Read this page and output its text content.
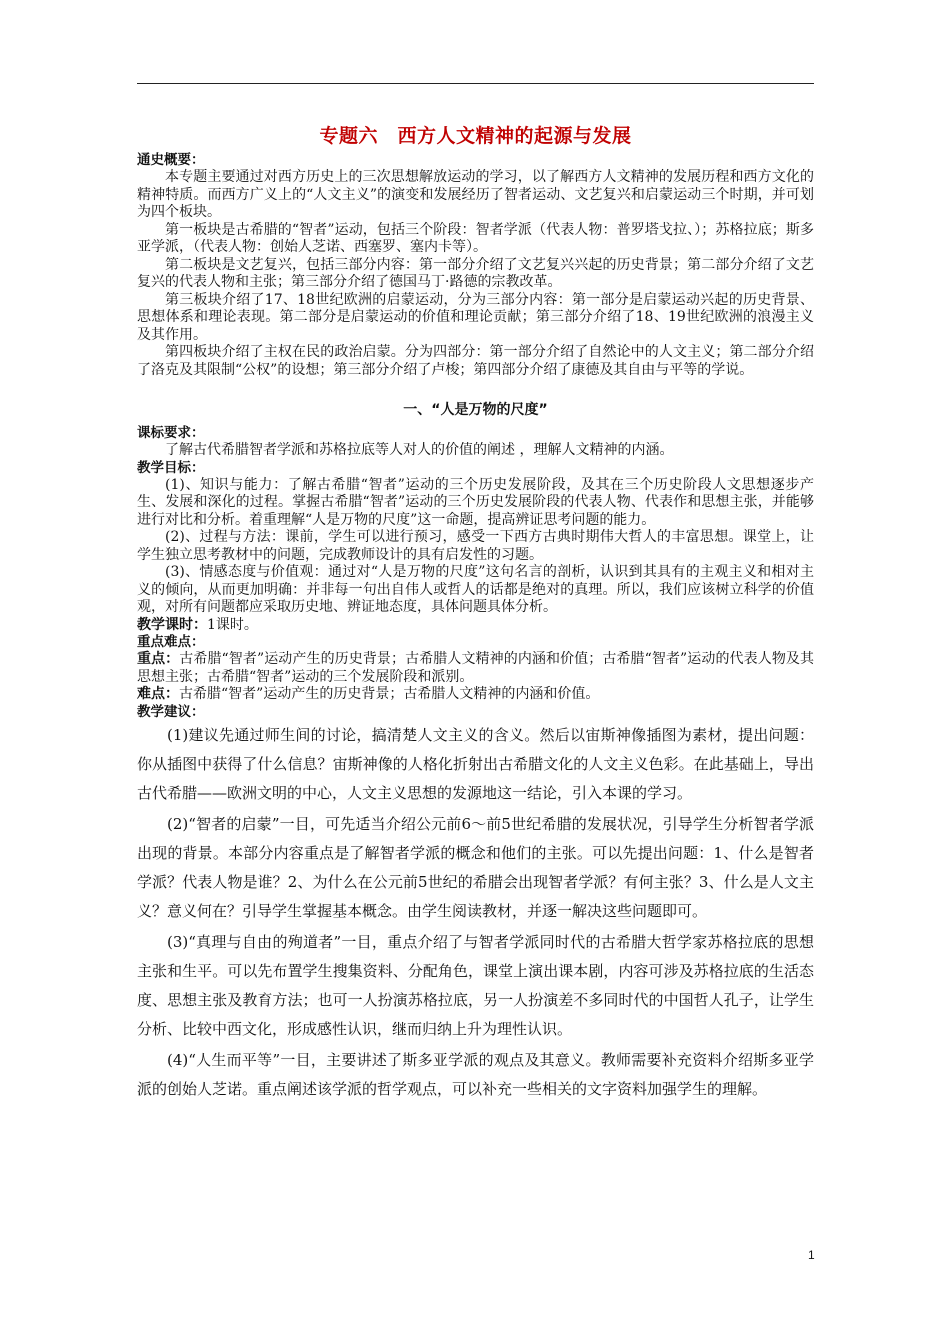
专题六　西方人文精神的起源与发展
通史概要：

本专题主要通过对西方历史上的三次思想解放运动的学习，以了解西方人文精神的发展历程和西方文化的精神特质。而西方广义上的“人文主义”的演变和发展经历了智者运动、文艺复兴和启蒙运动三个时期，并可划为四个板块。

第一板块是古希腊的“智者”运动，包括三个阶段：智者学派（代表人物：普罗塔戈拉、）；苏格拉底；斯多亚学派，（代表人物：创始人芝诺、西塞罗、塞内卡等）。

第二板块是文艺复兴，包括三部分内容：第一部分介绍了文艺复兴兴起的历史背景；第二部分介绍了文艺复兴的代表人物和主张；第三部分介绍了德国马丁·路德的宗教改革。

第三板块介绍了17、18世纪欧洲的启蒙运动，分为三部分内容：第一部分是启蒙运动兴起的历史背景、思想体系和理论表现。第二部分是启蒙运动的价值和理论贡献；第三部分介绍了18、19世纪欧洲的浪漫主义及其作用。

第四板块介绍了主权在民的政治启蒙。分为四部分：第一部分介绍了自然论中的人文主义；第二部分介绍了洛克及其限制“公权”的设想；第三部分介绍了卢梭；第四部分介绍了康德及其自由与平等的学说。

一、“人是万物的尺度”
课标要求：

了解古代希腊智者学派和苏格拉底等人对人的价值的阐述 ，理解人文精神的内涵。

教学目标：

(1)、知识与能力：了解古希腊“智者”运动的三个历史发展阶段，及其在三个历史阶段人文思想逐步产生、发展和深化的过程。掌握古希腊“智者”运动的三个历史发展阶段的代表人物、代表作和思想主张，并能够进行对比和分析。着重理解“人是万物的尺度”这一命题，提高辨证思考问题的能力。

(2)、过程与方法：课前，学生可以进行预习，感受一下西方古典时期伟大哲人的丰富思想。课堂上，让学生独立思考教材中的问题，完成教师设计的具有启发性的习题。

(3)、情感态度与价值观：通过对“人是万物的尺度”这句名言的剖析，认识到其具有的主观主义和相对主义的倾向，从而更加明确：并非每一句出自伟人或哲人的话都是绝对的真理。所以，我们应该树立科学的价值观，对所有问题都应采取历史地、辨证地态度，具体问题具体分析。

教学课时：1课时。

重点难点：

重点：古希腊“智者”运动产生的历史背景；古希腊人文精神的内涵和价值；古希腊“智者”运动的代表人物及其思想主张；古希腊“智者”运动的三个发展阶段和派别。

难点：古希腊“智者”运动产生的历史背景；古希腊人文精神的内涵和价值。

教学建议：

(1)建议先通过师生间的讨论，搞清楚人文主义的含义。然后以宙斯神像插图为素材，提出问题：你从插图中获得了什么信息？宙斯神像的人格化折射出古希腊文化的人文主义色彩。在此基础上，导出古代希腊——欧洲文明的中心，人文主义思想的发源地这一结论，引入本课的学习。

(2)“智者的启蒙”一目，可先适当介绍公元前6～前5世纪希腊的发展状况，引导学生分析智者学派出现的背景。本部分内容重点是了解智者学派的概念和他们的主张。可以先提出问题：1、什么是智者学派？代表人物是谁？2、为什么在公元前5世纪的希腊会出现智者学派？有何主张？3、什么是人文主义？意义何在？引导学生掌握基本概念。由学生阅读教材，并逐一解决这些问题即可。

(3)“真理与自由的殉道者”一目，重点介绍了与智者学派同时代的古希腊大哲学家苏格拉底的思想主张和生平。可以先布置学生搜集资料、分配角色，课堂上演出课本剧，内容可涉及苏格拉底的生活态度、思想主张及教育方法；也可一人扮演苏格拉底，另一人扮演差不多同时代的中国哲人孔子，让学生分析、比较中西文化，形成感性认识，继而归纳上升为理性认识。

(4)“人生而平等”一目，主要讲述了斯多亚学派的观点及其意义。教师需要补充资料介绍斯多亚学派的创始人芝诺。重点阐述该学派的哲学观点，可以补充一些相关的文字资料加强学生的理解。

1
